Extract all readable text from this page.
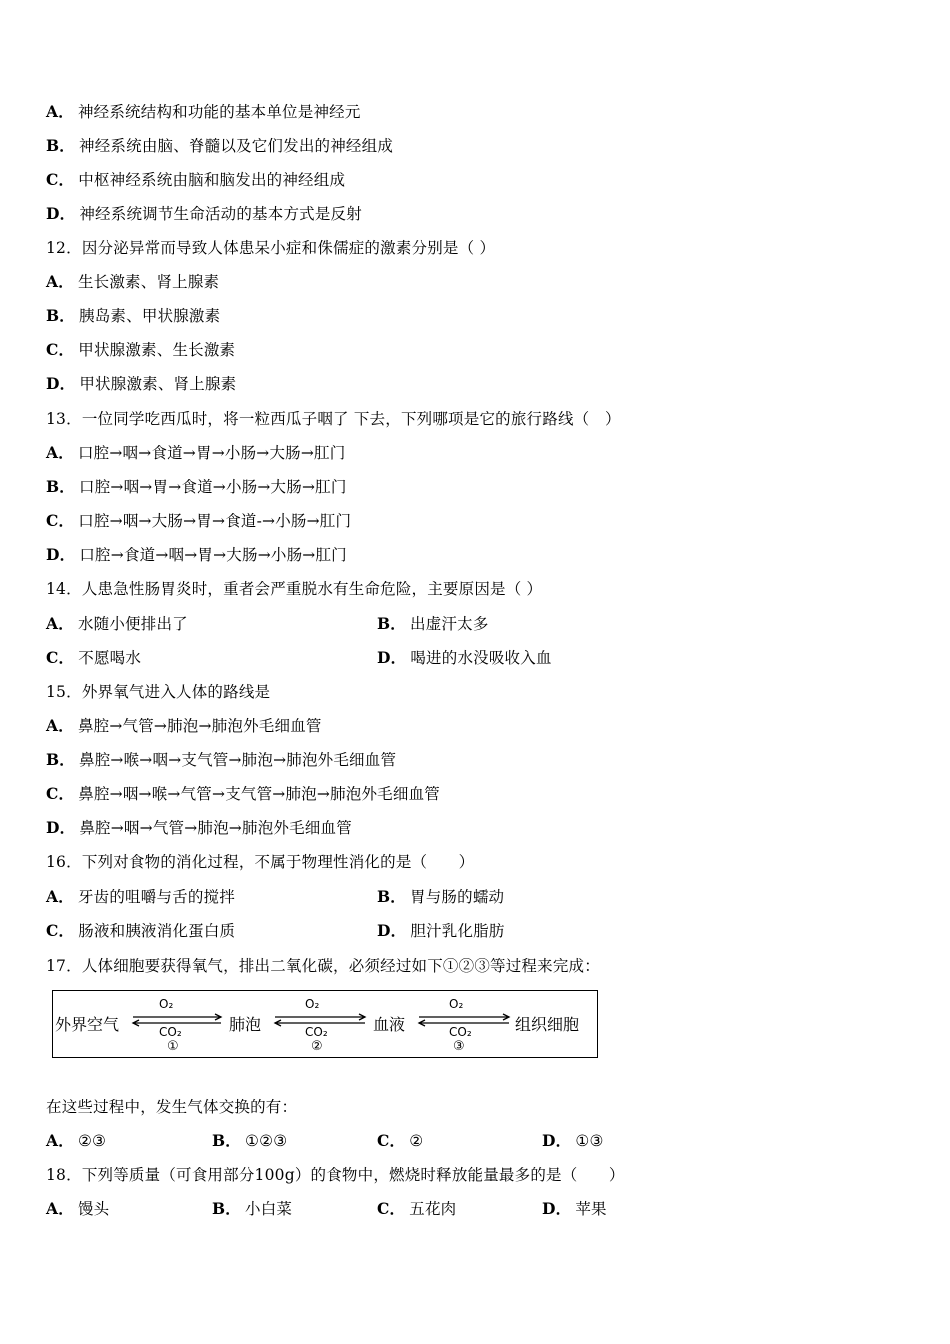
A． 神经系统结构和功能的基本单位是神经元
B． 神经系统由脑、脊髓以及它们发出的神经组成
C． 中枢神经系统由脑和脑发出的神经组成
D． 神经系统调节生命活动的基本方式是反射
12．因分泌异常而导致人体患呆小症和侏儒症的激素分别是（ ）
A． 生长激素、肾上腺素
B． 胰岛素、甲状腺激素
C． 甲状腺激素、生长激素
D． 甲状腺激素、肾上腺素
13．一位同学吃西瓜时，将一粒西瓜子咽了 下去，下列哪项是它的旅行路线（　）
A． 口腔→咽→食道→胃→小肠→大肠→肛门
B． 口腔→咽→胃→食道→小肠→大肠→肛门
C． 口腔→咽→大肠→胃→食道-→小肠→肛门
D． 口腔→食道→咽→胃→大肠→小肠→肛门
14．人患急性肠胃炎时，重者会严重脱水有生命危险，主要原因是（ ）
A． 水随小便排出了	B． 出虚汗太多
C． 不愿喝水	D． 喝进的水没吸收入血
15．外界氧气进入人体的路线是
A． 鼻腔→气管→肺泡→肺泡外毛细血管
B． 鼻腔→喉→咽→支气管→肺泡→肺泡外毛细血管
C． 鼻腔→咽→喉→气管→支气管→肺泡→肺泡外毛细血管
D． 鼻腔→咽→气管→肺泡→肺泡外毛细血管
16．下列对食物的消化过程，不属于物理性消化的是（　　）
A． 牙齿的咀嚼与舌的搅拌	B． 胃与肠的蠕动
C． 肠液和胰液消化蛋白质	D． 胆汁乳化脂肪
17．人体细胞要获得氧气，排出二氧化碳，必须经过如下①②③等过程来完成：
外界空气	肺泡	血液	组织细胞
O₂
CO₂
①
O₂
CO₂
②
O₂
CO₂
③
在这些过程中，发生气体交换的有：
A． ②③	B． ①②③	C． ②	D． ①③
18．下列等质量（可食用部分100g）的食物中，燃烧时释放能量最多的是（　　）
A． 馒头	B． 小白菜	C． 五花肉	D． 苹果
